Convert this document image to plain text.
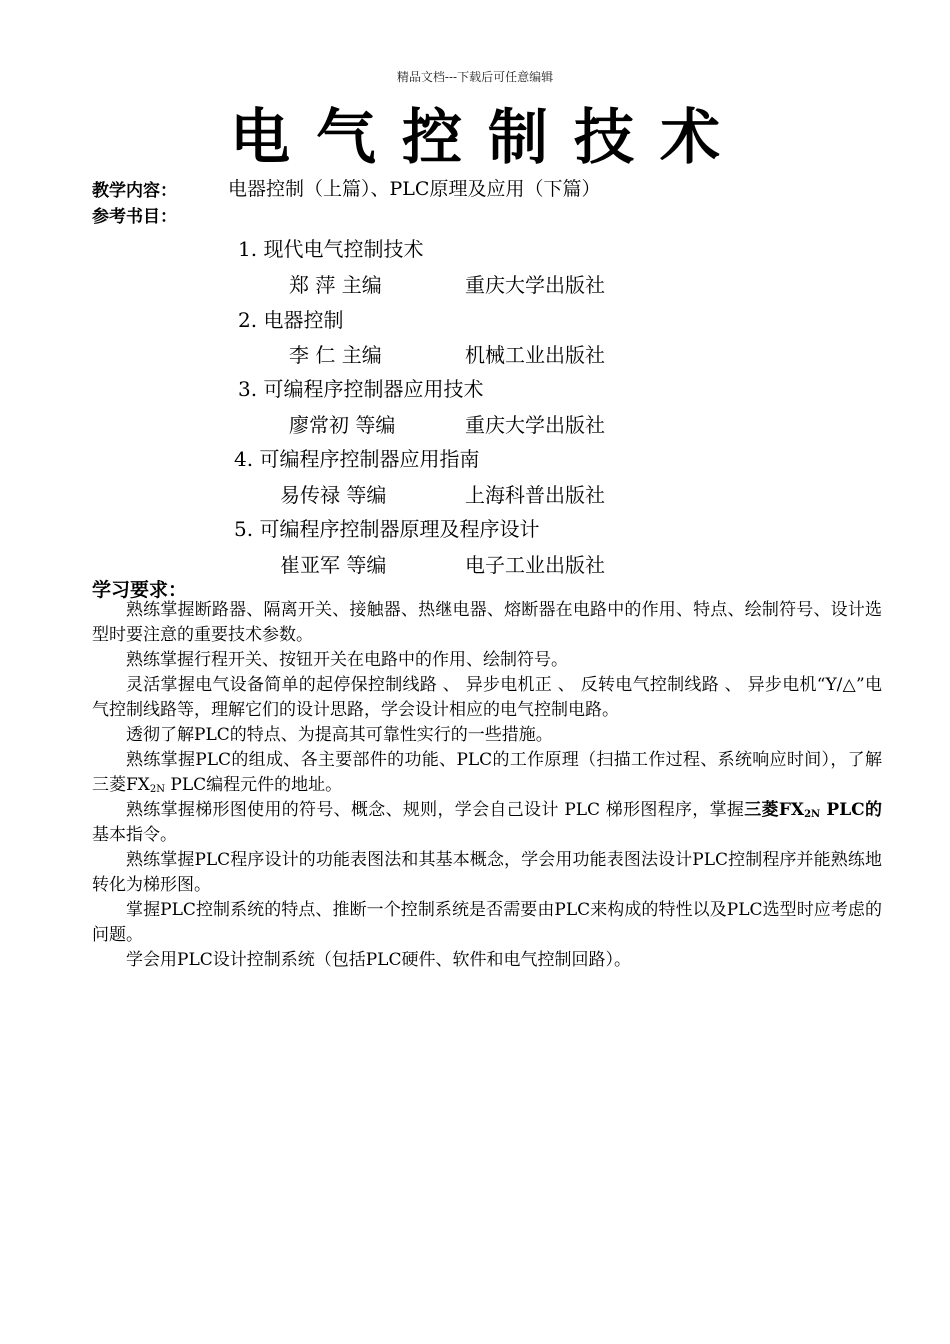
精品文档---下载后可任意编辑
电气控制技术
教学内容：	电器控制（上篇）、PLC原理及应用（下篇）
参考书目：
1. 现代电气控制技术
郑 萍 主编	重庆大学出版社
2. 电器控制
李 仁 主编	机械工业出版社
3. 可编程序控制器应用技术
廖常初 等编	重庆大学出版社
4. 可编程序控制器应用指南
易传禄 等编	上海科普出版社
5. 可编程序控制器原理及程序设计
崔亚军 等编	电子工业出版社
学习要求：

熟练掌握断路器、隔离开关、接触器、热继电器、熔断器在电路中的作用、特点、绘制符号、设计选型时要注意的重要技术参数。

熟练掌握行程开关、按钮开关在电路中的作用、绘制符号。

灵活掌握电气设备简单的起停保控制线路 、 异步电机正 、 反转电气控制线路 、 异步电机“Y/△”电气控制线路等，理解它们的设计思路，学会设计相应的电气控制电路。

透彻了解PLC的特点、为提高其可靠性实行的一些措施。

熟练掌握PLC的组成、各主要部件的功能、PLC的工作原理（扫描工作过程、系统响应时间），了解三菱$FX_{2N}$ PLC编程元件的地址。

熟练掌握梯形图使用的符号、概念、规则，学会自己设计 PLC 梯形图程序，掌握三菱$FX_{2N}$ PLC的基本指令。

熟练掌握PLC程序设计的功能表图法和其基本概念，学会用功能表图法设计PLC控制程序并能熟练地转化为梯形图。

掌握PLC控制系统的特点、推断一个控制系统是否需要由PLC来构成的特性以及PLC选型时应考虑的问题。

学会用PLC设计控制系统（包括PLC硬件、软件和电气控制回路）。
